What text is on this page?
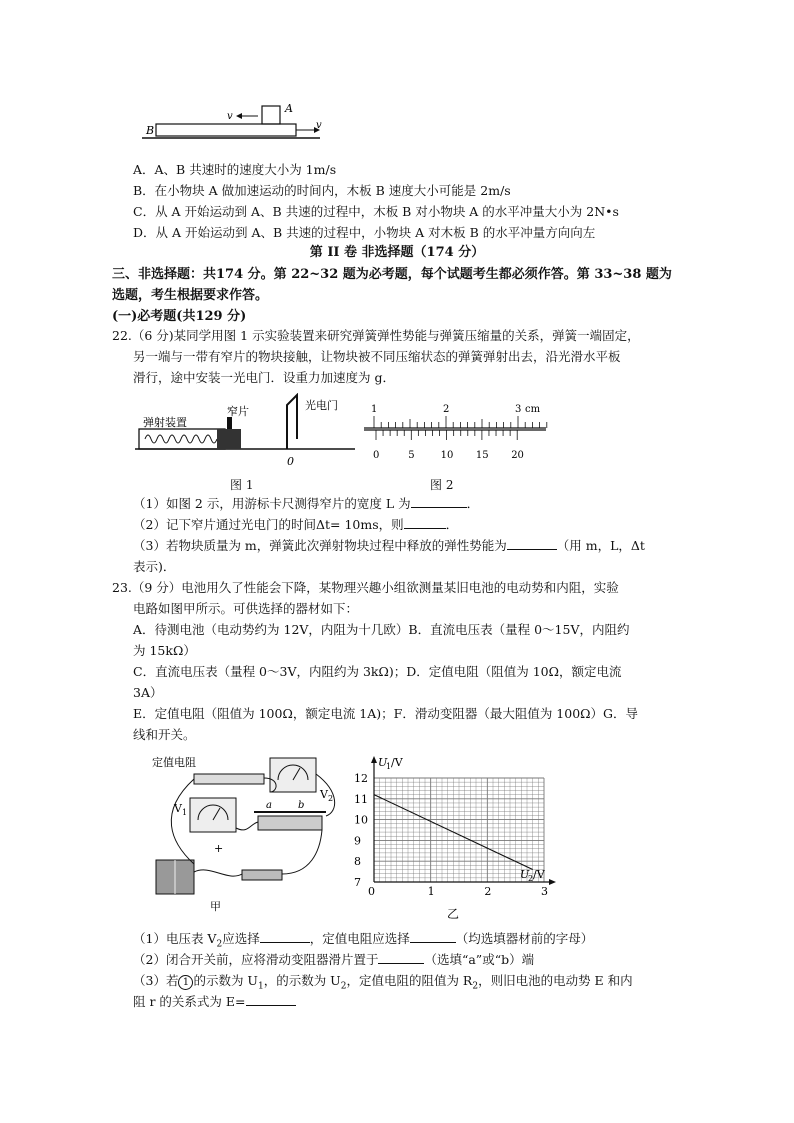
B
A
v
v
A．A、B 共速时的速度大小为 1m/s
B．在小物块 A 做加速运动的时间内，木板 B 速度大小可能是 2m/s
C．从 A 开始运动到 A、B 共速的过程中，木板 B 对小物块 A 的水平冲量大小为 2N•s
D．从 A 开始运动到 A、B 共速的过程中，小物块 A 对木板 B 的水平冲量方向向左
第 II 卷 非选择题（174 分）
三、非选择题：共174 分。第 22~32 题为必考题，每个试题考生都必须作答。第 33~38 题为
选题，考生根据要求作答。
(一)必考题(共129 分)
22.（6 分)某同学用图 1 示实验装置来研究弹簧弹性势能与弹簧压缩量的关系，弹簧一端固定，
另一端与一带有窄片的物块接触，让物块被不同压缩状态的弹簧弹射出去，沿光滑水平板
滑行，途中安装一光电门．设重力加速度为 g．
弹射装置
窄片	光电门
0
图 1
1	2	3 cm
0	5	10 15 20
图 2
（1）如图 2 示，用游标卡尺测得窄片的宽度 L 为	．
（2）记下窄片通过光电门的时间Δt= 10ms，则	．
（3）若物块质量为 m，弹簧此次弹射物块过程中释放的弹性势能为	（用 m，L，Δt
表示)．
23.（9 分）电池用久了性能会下降，某物理兴趣小组欲测量某旧电池的电动势和内阻，实验
电路如图甲所示。可供选择的器材如下：
A．待测电池（电动势约为 12V，内阻为十几欧）B．直流电压表（量程 0～15V，内阻约
为 15kΩ）
C．直流电压表（量程 0～3V，内阻约为 3kΩ)；D．定值电阻（阻值为 10Ω，额定电流
3A）
E．定值电阻（阻值为 100Ω，额定电流 1A)；F．滑动变阻器（最大阻值为 100Ω）G．导
线和开关。
定值电阻
V 2
V 1
+
a	b
甲
7
8
9
10
11
12
1	2	3
0
U
1 /V
U
2 /V
乙
（1）电压表 $V_2$应选择	，定值电阻应选择	（均选填器材前的字母）
（2）闭合开关前，应将滑动变阻器滑片置于	（选填“a”或“b）端
（3）若 1 的示数为 $U_1$，的示数为 $U_2$，定值电阻的阻值为 $R_2$，则旧电池的电动势 E 和内
阻 r 的关系式为 E=
